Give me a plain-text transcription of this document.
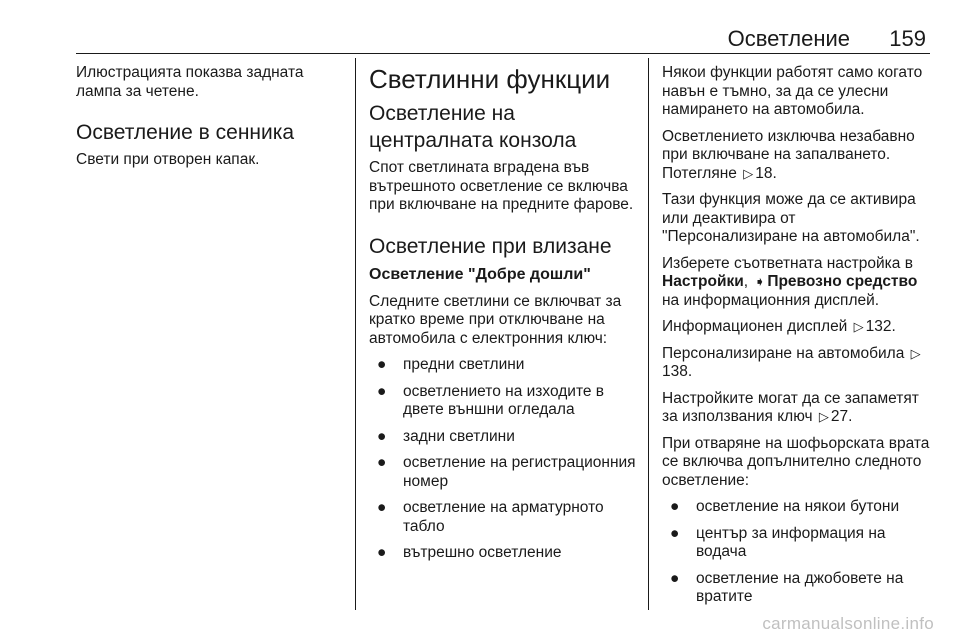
Осветление 159

Илюстрацията показва задната лампа за четене.

Осветление в сенника

Свети при отворен капак.

Светлинни функции
Осветление на централната конзола

Спот светлината вградена във вътрешното осветление се включва при включване на предните фарове.

Осветление при влизане
Осветление "Добре дошли"

Следните светлини се включват за кратко време при отключване на автомобила с електронния ключ:

● предни светлини
● осветлението на изходите в двете външни огледала
● задни светлини
● осветление на регистрационния номер
● осветление на арматурното табло
● вътрешно осветление

Някои функции работят само когато навън е тъмно, за да се улесни намирането на автомобила.

Осветлението изключва незабавно при включване на запалването. Потегляне ▷ 18.

Тази функция може да се активира или деактивира от "Персонализиране на автомобила".

Изберете съответната настройка в Настройки, ➧ Превозно средство на информационния дисплей.

Информационен дисплей ▷ 132.

Персонализиране на автомобила ▷138.

Настройките могат да се запаметят за използвания ключ ▷ 27.

При отваряне на шофьорската врата се включва допълнително следното осветление:

● осветление на някои бутони
● център за информация на водача
● осветление на джобовете на вратите
carmanualsonline.info
